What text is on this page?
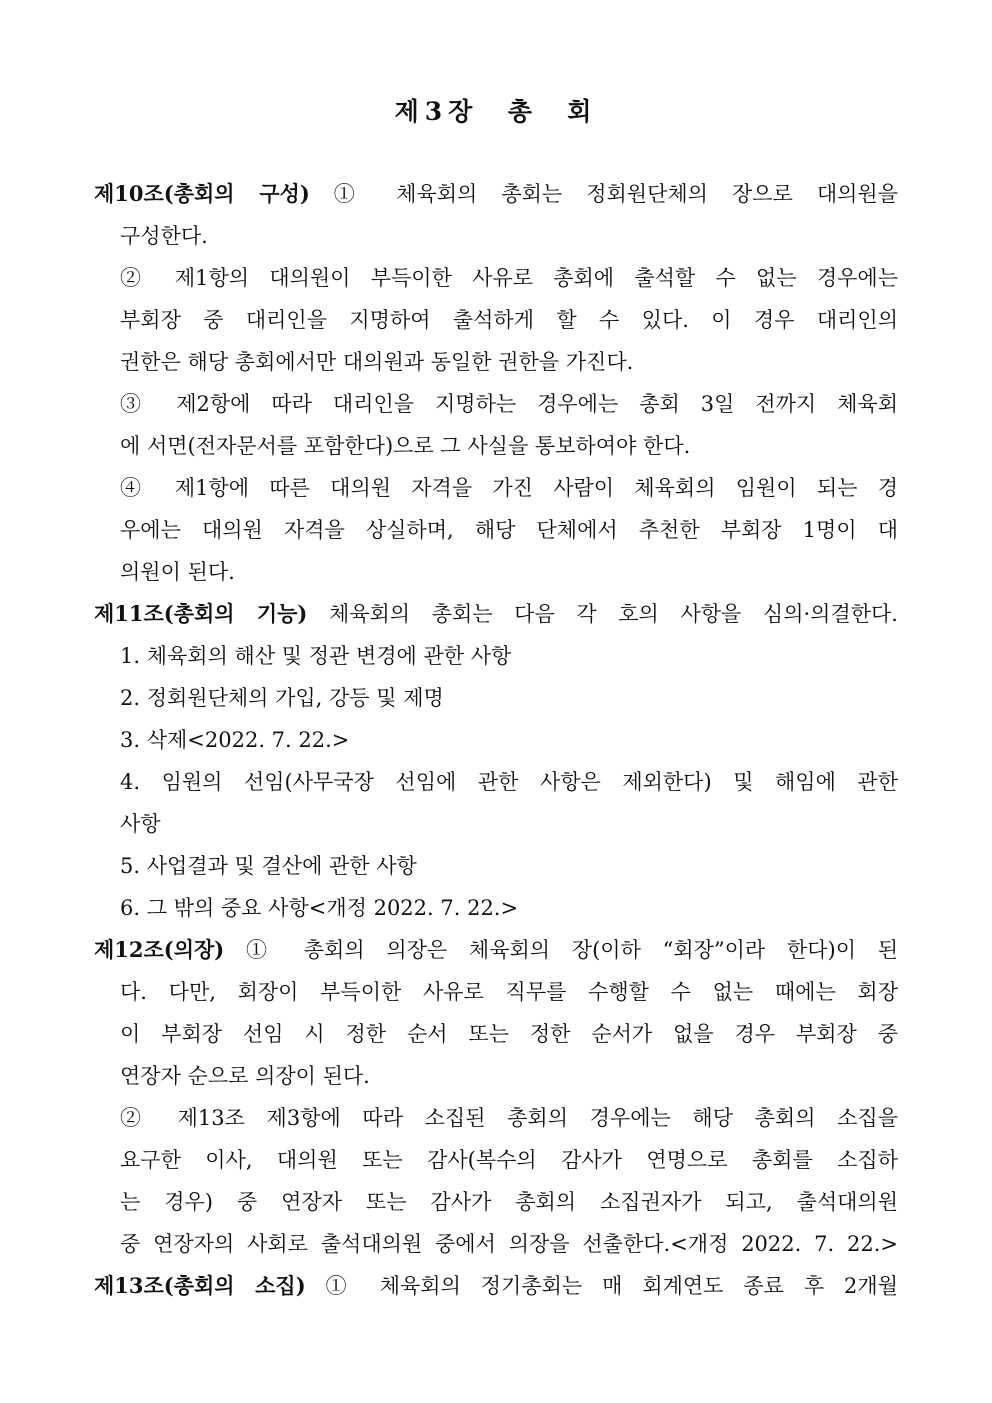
제3장  총  회
제10조(총회의 구성) ① 체육회의 총회는 정회원단체의 장으로 대의원을
구성한다.
② 제1항의 대의원이 부득이한 사유로 총회에 출석할 수 없는 경우에는
부회장 중 대리인을 지명하여 출석하게 할 수 있다. 이 경우 대리인의
권한은 해당 총회에서만 대의원과 동일한 권한을 가진다.
③ 제2항에 따라 대리인을 지명하는 경우에는 총회 3일 전까지 체육회
에 서면(전자문서를 포함한다)으로 그 사실을 통보하여야 한다.
④ 제1항에 따른 대의원 자격을 가진 사람이 체육회의 임원이 되는 경
우에는 대의원 자격을 상실하며, 해당 단체에서 추천한 부회장 1명이 대
의원이 된다.
제11조(총회의 기능) 체육회의 총회는 다음 각 호의 사항을 심의·의결한다.
1. 체육회의 해산 및 정관 변경에 관한 사항
2. 정회원단체의 가입, 강등 및 제명
3. 삭제<2022. 7. 22.>
4. 임원의 선임(사무국장 선임에 관한 사항은 제외한다) 및 해임에 관한
사항
5. 사업결과 및 결산에 관한 사항
6. 그 밖의 중요 사항<개정 2022. 7. 22.>
제12조(의장) ① 총회의 의장은 체육회의 장(이하 “회장”이라 한다)이 된
다. 다만, 회장이 부득이한 사유로 직무를 수행할 수 없는 때에는 회장
이 부회장 선임 시 정한 순서 또는 정한 순서가 없을 경우 부회장 중
연장자 순으로 의장이 된다.
② 제13조 제3항에 따라 소집된 총회의 경우에는 해당 총회의 소집을
요구한 이사, 대의원 또는 감사(복수의 감사가 연명으로 총회를 소집하
는 경우) 중 연장자 또는 감사가 총회의 소집권자가 되고, 출석대의원
중 연장자의 사회로 출석대의원 중에서 의장을 선출한다.<개정 2022. 7. 22.>
제13조(총회의 소집) ① 체육회의 정기총회는 매 회계연도 종료 후 2개월
